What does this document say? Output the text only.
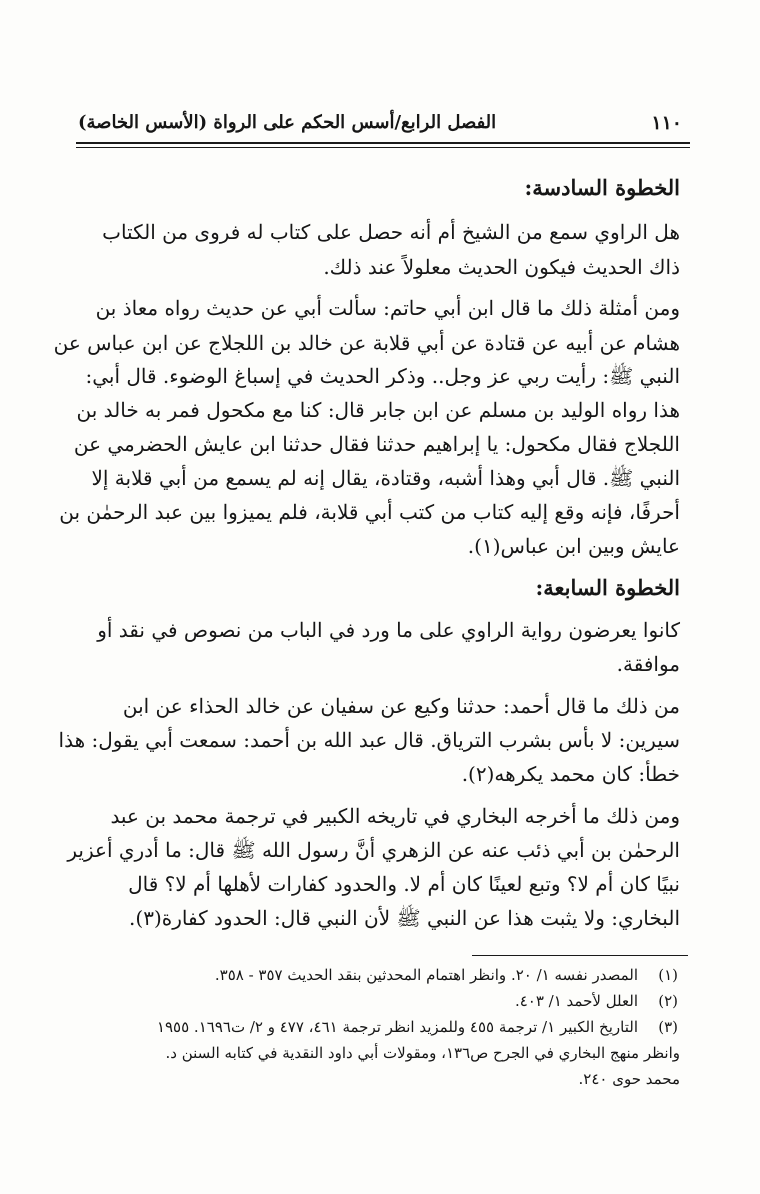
١١٠
الفصل الرابع/أسس الحكم على الرواة (الأسس الخاصة)
الخطوة السادسة:
هل الراوي سمع من الشيخ أم أنه حصل على كتاب له فروى من الكتاب
ذاك الحديث فيكون الحديث معلولاً عند ذلك.
ومن أمثلة ذلك ما قال ابن أبي حاتم: سألت أبي عن حديث رواه معاذ بن
هشام عن أبيه عن قتادة عن أبي قلابة عن خالد بن اللجلاج عن ابن عباس عن
النبي ﷺ: رأيت ربي عز وجل.. وذكر الحديث في إسباغ الوضوء. قال أبي:
هذا رواه الوليد بن مسلم عن ابن جابر قال: كنا مع مكحول فمر به خالد بن
اللجلاج فقال مكحول: يا إبراهيم حدثنا فقال حدثنا ابن عايش الحضرمي عن
النبي ﷺ. قال أبي وهذا أشبه، وقتادة، يقال إنه لم يسمع من أبي قلابة إلا
أحرفًا، فإنه وقع إليه كتاب من كتب أبي قلابة، فلم يميزوا بين عبد الرحمٰن بن
عايش وبين ابن عباس(١).
الخطوة السابعة:
كانوا يعرضون رواية الراوي على ما ورد في الباب من نصوص في نقد أو
موافقة.
من ذلك ما قال أحمد: حدثنا وكيع عن سفيان عن خالد الحذاء عن ابن
سيرين: لا بأس بشرب الترياق. قال عبد الله بن أحمد: سمعت أبي يقول: هذا
خطأ: كان محمد يكرهه(٢).
ومن ذلك ما أخرجه البخاري في تاريخه الكبير في ترجمة محمد بن عبد
الرحمٰن بن أبي ذئب عنه عن الزهري أنَّ رسول الله ﷺ قال: ما أدري أعزير
نبيًا كان أم لا؟ وتبع لعينًا كان أم لا. والحدود كفارات لأهلها أم لا؟ قال
البخاري: ولا يثبت هذا عن النبي ﷺ لأن النبي قال: الحدود كفارة(٣).
(١)
المصدر نفسه ١/ ٢٠. وانظر اهتمام المحدثين بنقد الحديث ٣٥٧ - ٣٥٨.
(٢)
العلل لأحمد ١/ ٤٠٣.
(٣)
التاريخ الكبير ١/ ترجمة ٤٥٥ وللمزيد انظر ترجمة ٤٦١، ٤٧٧ و ٢/ ت١٦٩٦. ١٩٥٥
وانظر منهج البخاري في الجرح ص١٣٦، ومقولات أبي داود النقدية في كتابه السنن د.
محمد حوى ٢٤٠.
